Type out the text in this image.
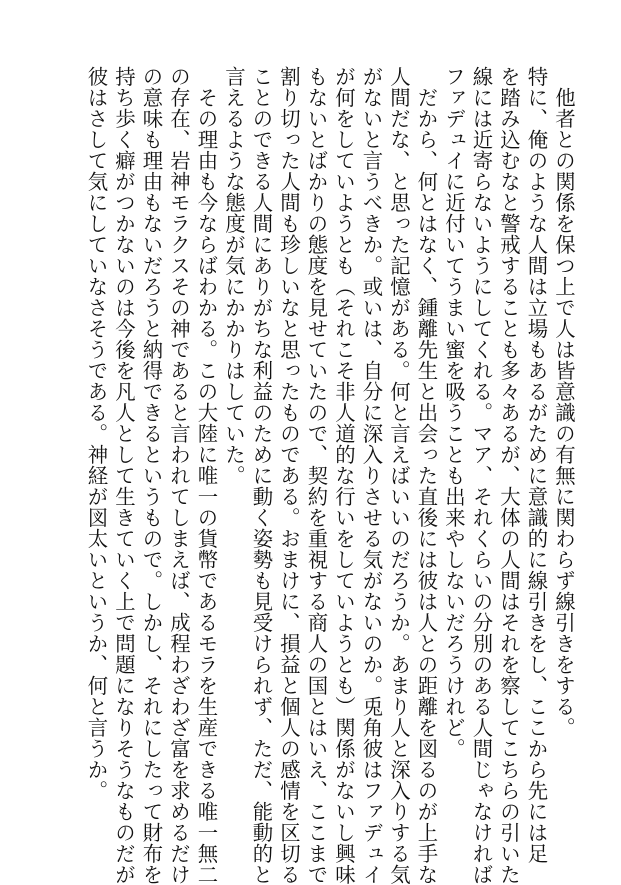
　他者との関係を保つ上で人は皆意識の有無に関わらず線引きをする。
特に、俺のような人間は立場もあるがために意識的に線引きをし、ここから先には足
を踏み込むなと警戒することも多々あるが、大体の人間はそれを察してこちらの引いた
線には近寄らないようにしてくれる。マア、それくらいの分別のある人間じゃなければ
ファデュイに近付いてうまい蜜を吸うことも出来やしないだろうけれど。
　だから、何とはなく、鍾離先生と出会った直後には彼は人との距離を図るのが上手な
人間だな、と思った記憶がある。何と言えばいいのだろうか。あまり人と深入りする気
がないと言うべきか。或いは、自分に深入りさせる気がないのか。兎角彼はファデュイ
が何をしていようとも（それこそ非人道的な行いをしていようとも）関係がないし興味
もないとばかりの態度を見せていたので、契約を重視する商人の国とはいえ、ここまで
割り切った人間も珍しいなと思ったものである。おまけに、損益と個人の感情を区切る
ことのできる人間にありがちな利益のために動く姿勢も見受けられず、ただ、能動的と
言えるような態度が気にかかりはしていた。
　その理由も今ならばわかる。この大陸に唯一の貨幣であるモラを生産できる唯一無二
の存在、岩神モラクスその神であると言われてしまえば、成程わざわざ富を求めるだけ
の意味も理由もないだろうと納得できるというもので。しかし、それにしたって財布を
持ち歩く癖がつかないのは今後を凡人として生きていく上で問題になりそうなものだが
彼はさして気にしていなさそうである。神経が図太いというか、何と言うか。
